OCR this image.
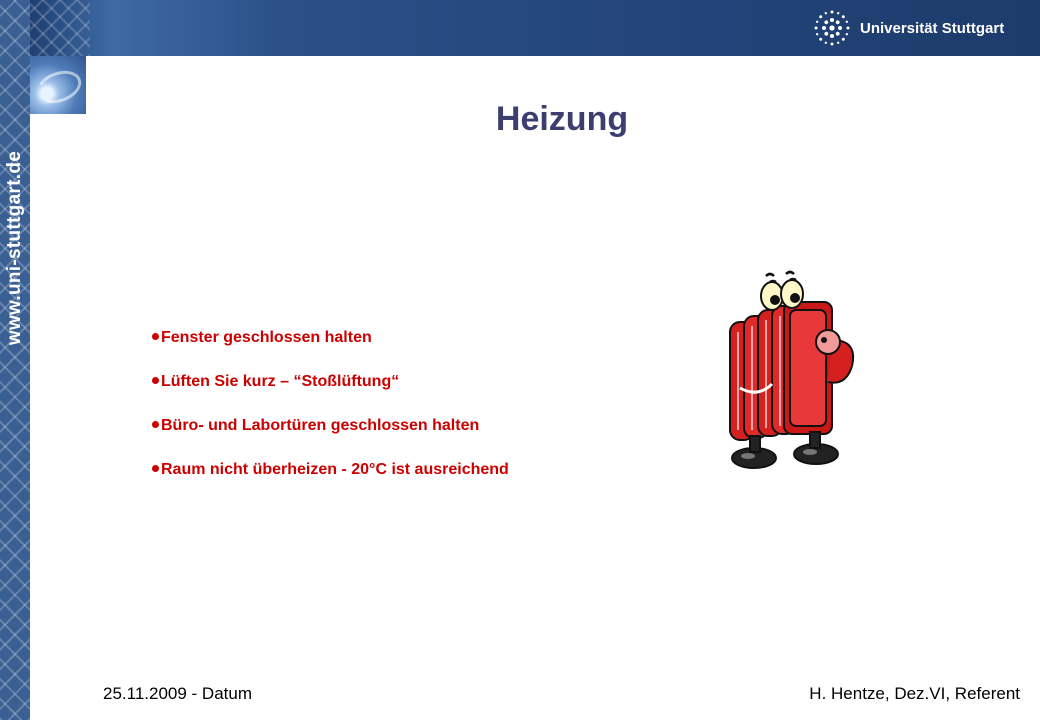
www.uni-stuttgart.de
Universität Stuttgart
Heizung
Fenster geschlossen halten
Lüften Sie kurz – “Stoßlüftung“
Büro- und Labortüren geschlossen halten
Raum nicht überheizen - 20°C ist ausreichend
25.11.2009 - Datum	H. Hentze, Dez.VI, Referent
